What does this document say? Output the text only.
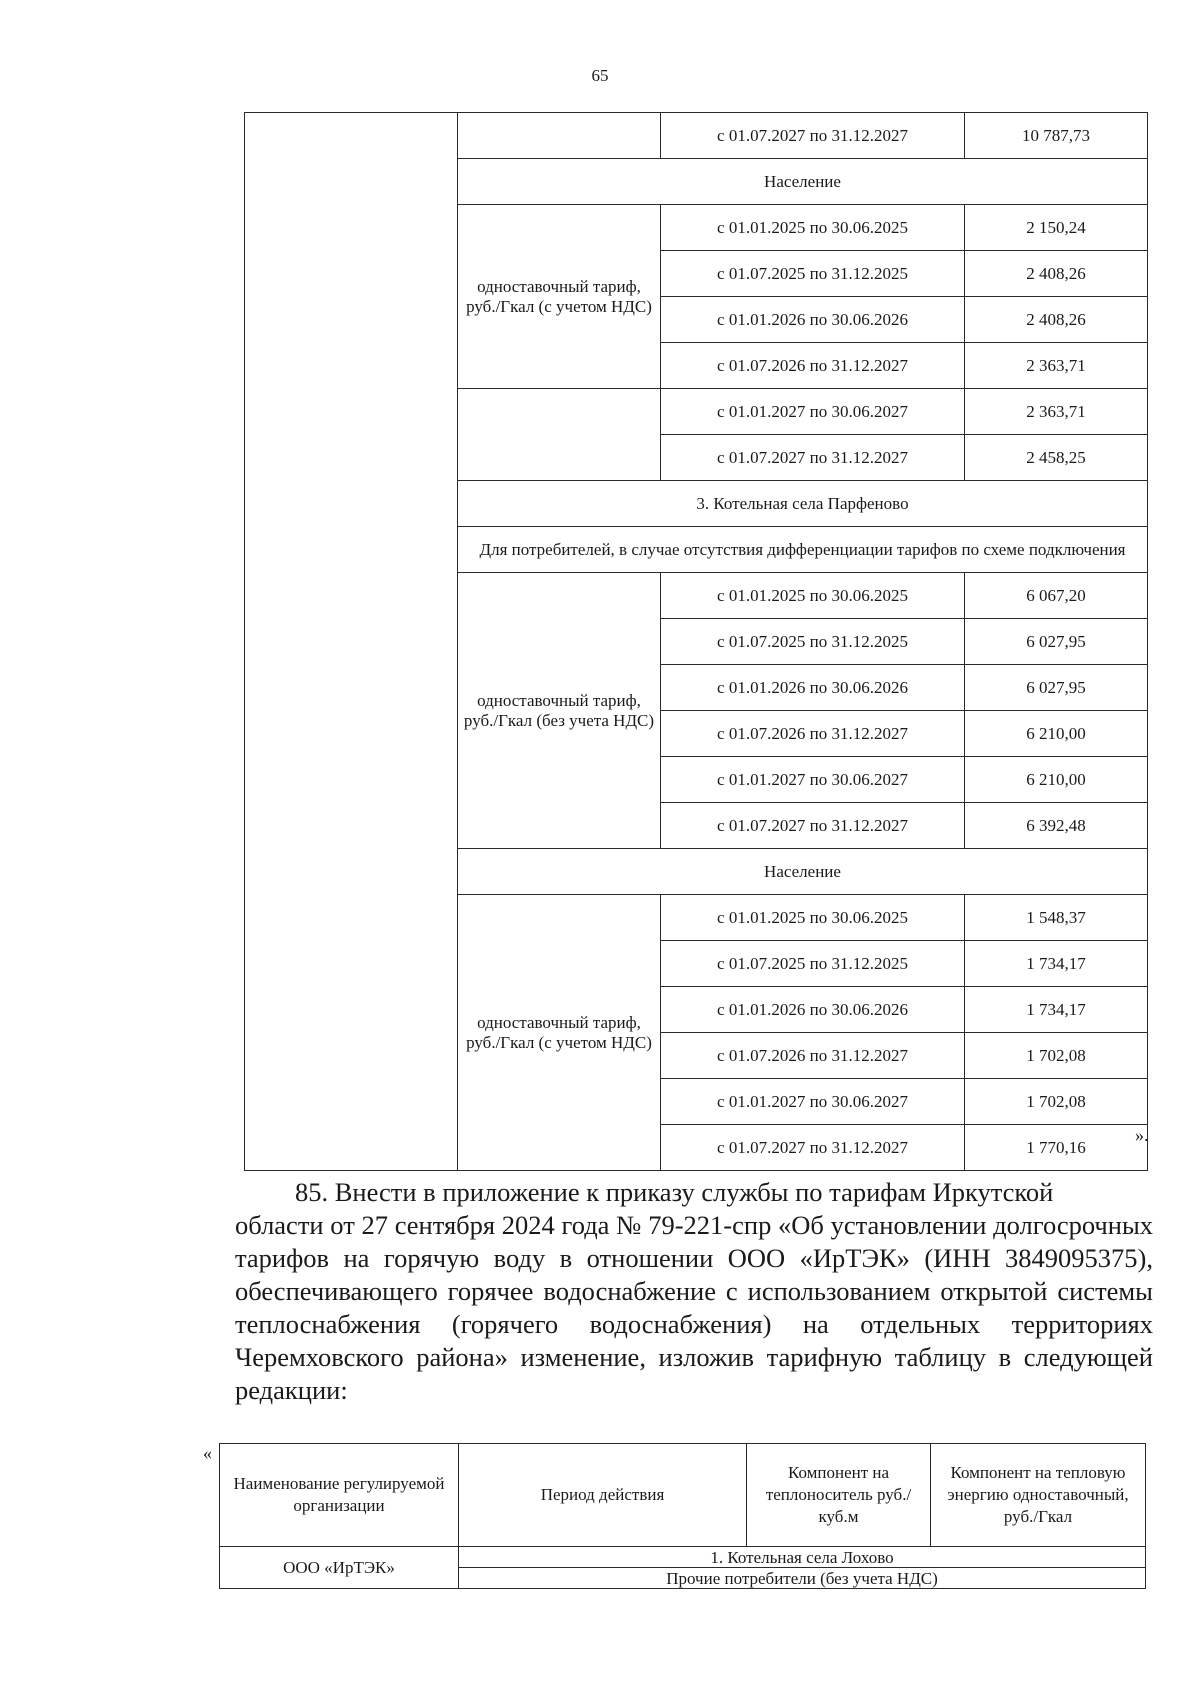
65
		с 01.07.2027 по 31.12.2027	10 787,73
	Население		
	одноставочный тариф, руб./Гкал (с учетом НДС)	с 01.01.2025 по 30.06.2025	2 150,24
		с 01.07.2025 по 31.12.2025	2 408,26
		с 01.01.2026 по 30.06.2026	2 408,26
		с 01.07.2026 по 31.12.2027	2 363,71
		с 01.01.2027 по 30.06.2027	2 363,71
		с 01.07.2027 по 31.12.2027	2 458,25
	3. Котельная села Парфеново		
	Для потребителей, в случае отсутствия дифференциации тарифов по схеме подключения		
	одноставочный тариф, руб./Гкал (без учета НДС)	с 01.01.2025 по 30.06.2025	6 067,20
		с 01.07.2025 по 31.12.2025	6 027,95
		с 01.01.2026 по 30.06.2026	6 027,95
		с 01.07.2026 по 31.12.2027	6 210,00
		с 01.01.2027 по 30.06.2027	6 210,00
		с 01.07.2027 по 31.12.2027	6 392,48
	Население		
	одноставочный тариф, руб./Гкал (с учетом НДС)	с 01.01.2025 по 30.06.2025	1 548,37
		с 01.07.2025 по 31.12.2025	1 734,17
		с 01.01.2026 по 30.06.2026	1 734,17
		с 01.07.2026 по 31.12.2027	1 702,08
		с 01.01.2027 по 30.06.2027	1 702,08
		с 01.07.2027 по 31.12.2027	1 770,16
».

85. Внести в приложение к приказу службы по тарифам Иркутской
области от 27 сентября 2024 года № 79-221-спр «Об установлении долгосрочных тарифов на горячую воду в отношении ООО «ИрТЭК» (ИНН 3849095375), обеспечивающего горячее водоснабжение с использованием открытой системы теплоснабжения (горячего водоснабжения) на отдельных территориях Черемховского района» изменение, изложив тарифную таблицу в следующей редакции:

«
Наименование регулируемой организации	Период действия	Компонент на теплоноситель руб./куб.м	Компонент на тепловую энергию одноставочный, руб./Гкал
ООО «ИрТЭК»	1. Котельная села Лохово		
	Прочие потребители (без учета НДС)		
